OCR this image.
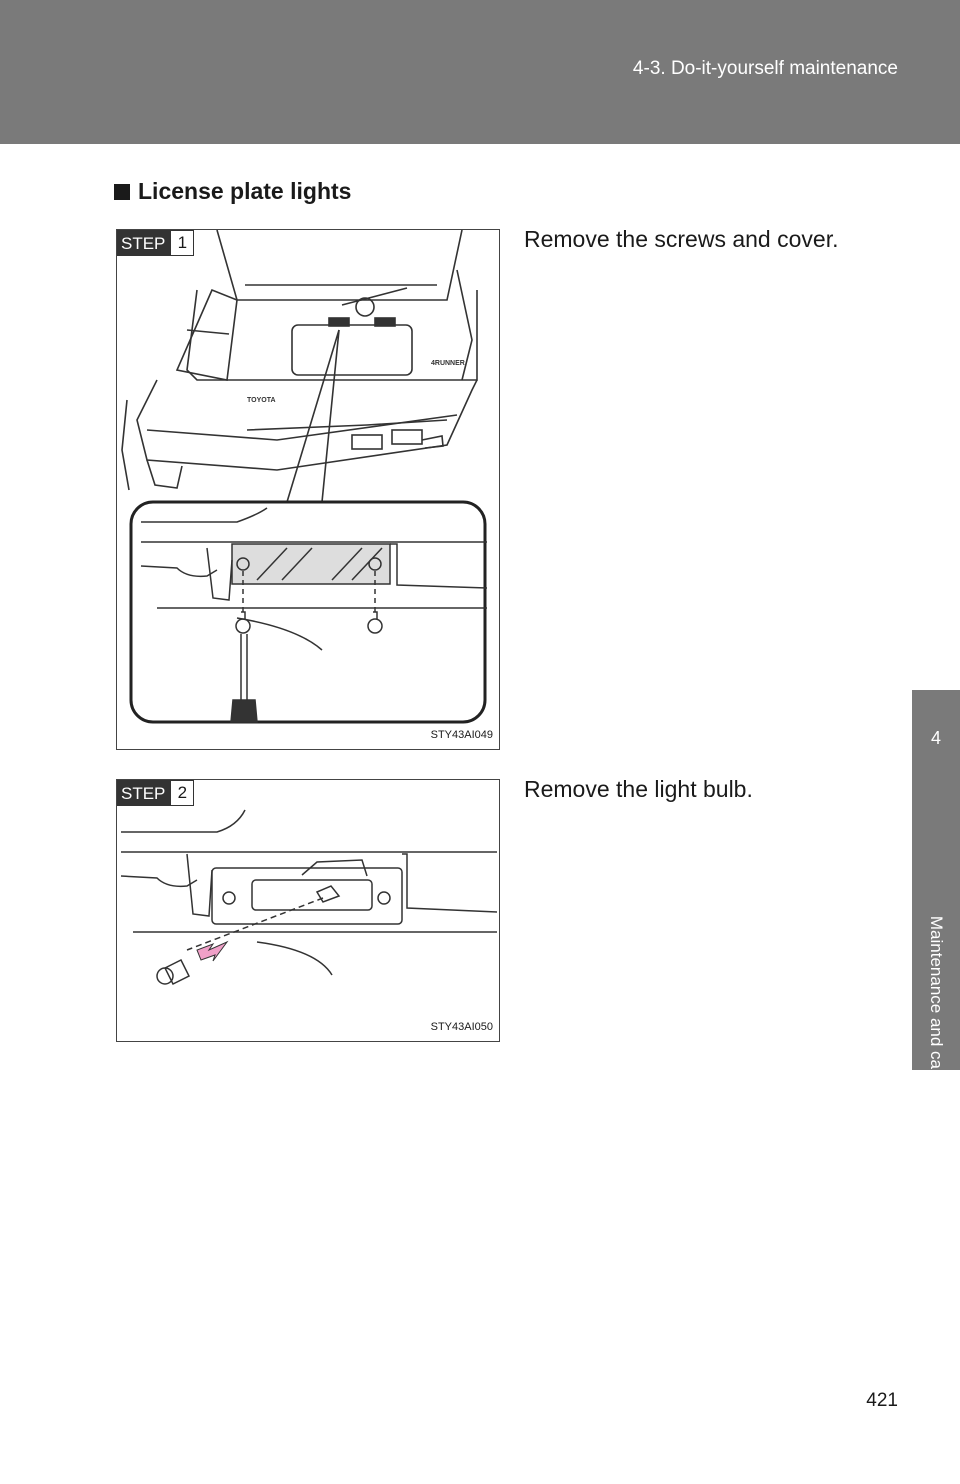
4-3. Do-it-yourself maintenance
4
Maintenance and care
License plate lights
STEP 1
TOYOTA
4RUNNER
STY43AI049
Remove the screws and cover.
STEP 2
STY43AI050
Remove the light bulb.
421
